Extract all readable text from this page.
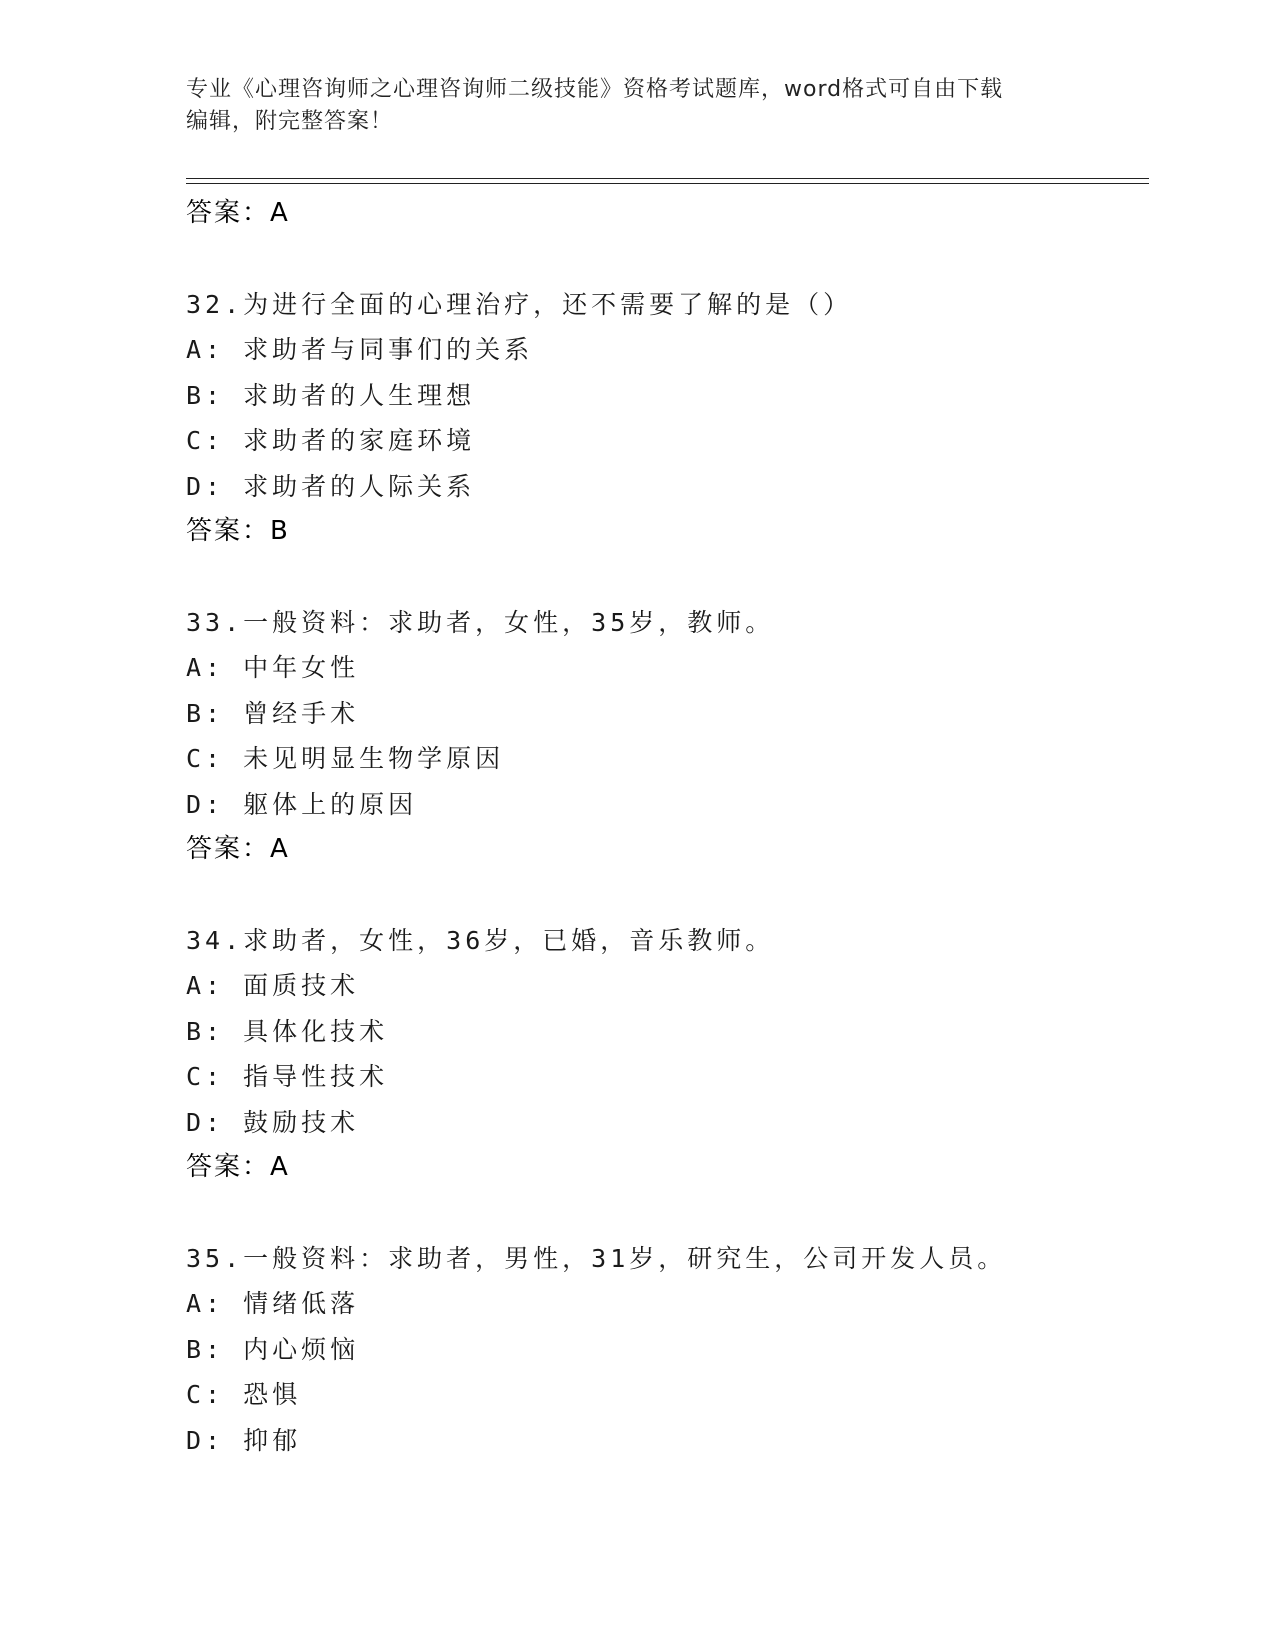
专业《心理咨询师之心理咨询师二级技能》资格考试题库，word格式可自由下载
编辑，附完整答案！
答案：A
32.为进行全面的心理治疗，还不需要了解的是（）
A: 求助者与同事们的关系
B: 求助者的人生理想
C: 求助者的家庭环境
D: 求助者的人际关系
答案：B
33.一般资料：求助者，女性，35岁，教师。
A: 中年女性
B: 曾经手术
C: 未见明显生物学原因
D: 躯体上的原因
答案：A
34.求助者，女性，36岁，已婚，音乐教师。
A: 面质技术
B: 具体化技术
C: 指导性技术
D: 鼓励技术
答案：A
35.一般资料：求助者，男性，31岁，研究生，公司开发人员。
A: 情绪低落
B: 内心烦恼
C: 恐惧
D: 抑郁
